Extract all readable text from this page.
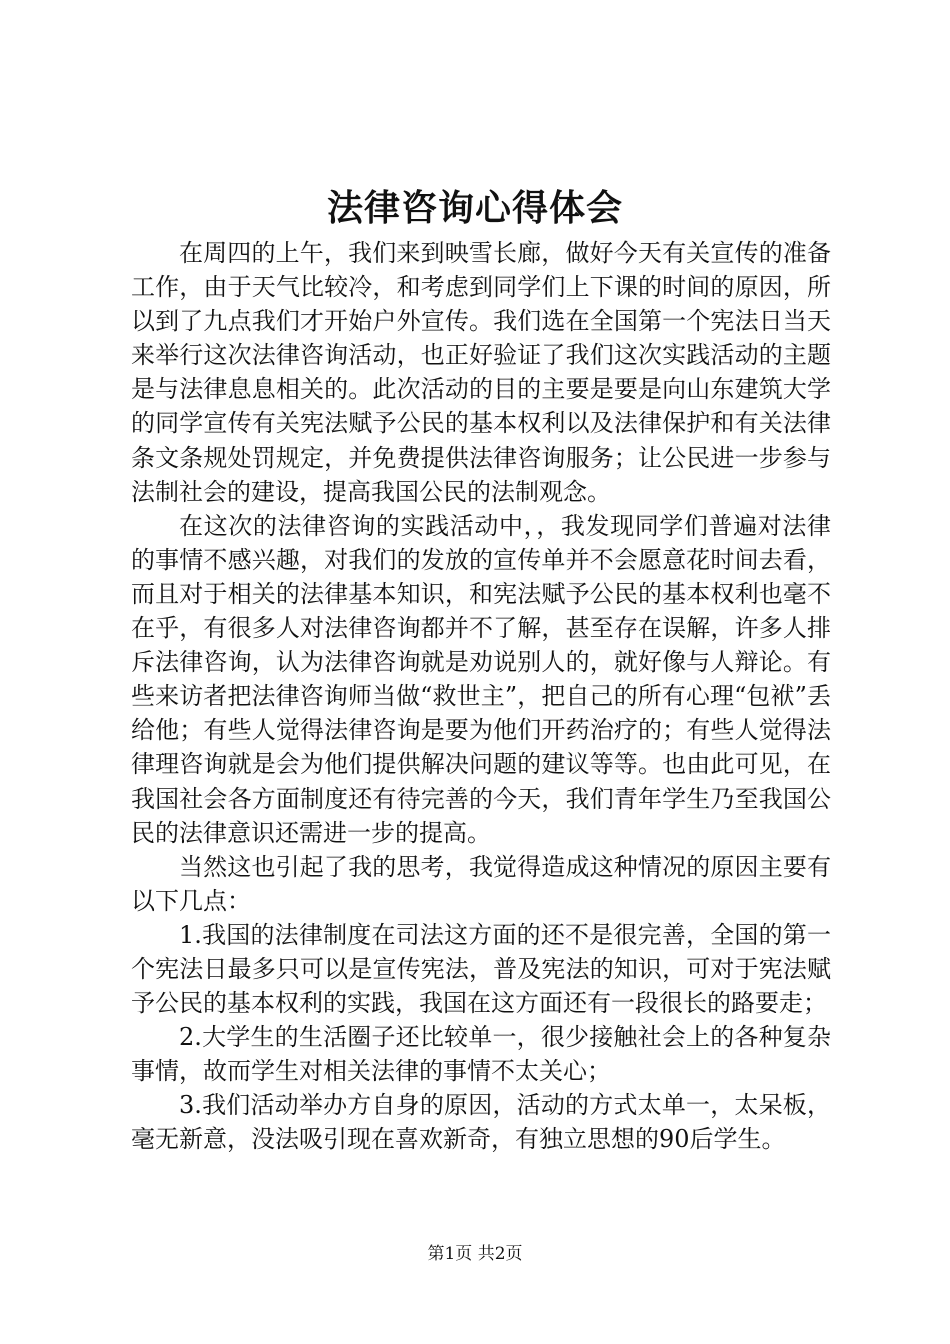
法律咨询心得体会

在周四的上午，我们来到映雪长廊，做好今天有关宣传的准备工作，由于天气比较冷，和考虑到同学们上下课的时间的原因，所以到了九点我们才开始户外宣传。我们选在全国第一个宪法日当天来举行这次法律咨询活动，也正好验证了我们这次实践活动的主题是与法律息息相关的。此次活动的目的主要是要是向山东建筑大学的同学宣传有关宪法赋予公民的基本权利以及法律保护和有关法律条文条规处罚规定，并免费提供法律咨询服务；让公民进一步参与法制社会的建设，提高我国公民的法制观念。

在这次的法律咨询的实践活动中，，我发现同学们普遍对法律的事情不感兴趣，对我们的发放的宣传单并不会愿意花时间去看，而且对于相关的法律基本知识，和宪法赋予公民的基本权利也毫不在乎，有很多人对法律咨询都并不了解，甚至存在误解，许多人排斥法律咨询，认为法律咨询就是劝说别人的，就好像与人辩论。有些来访者把法律咨询师当做“救世主”，把自己的所有心理“包袱”丢给他；有些人觉得法律咨询是要为他们开药治疗的；有些人觉得法律理咨询就是会为他们提供解决问题的建议等等。也由此可见，在我国社会各方面制度还有待完善的今天，我们青年学生乃至我国公民的法律意识还需进一步的提高。

当然这也引起了我的思考，我觉得造成这种情况的原因主要有以下几点：

1.我国的法律制度在司法这方面的还不是很完善，全国的第一个宪法日最多只可以是宣传宪法，普及宪法的知识，可对于宪法赋予公民的基本权利的实践，我国在这方面还有一段很长的路要走；

2.大学生的生活圈子还比较单一，很少接触社会上的各种复杂事情，故而学生对相关法律的事情不太关心；

3.我们活动举办方自身的原因，活动的方式太单一，太呆板，毫无新意，没法吸引现在喜欢新奇，有独立思想的90后学生。

第1页 共2页
